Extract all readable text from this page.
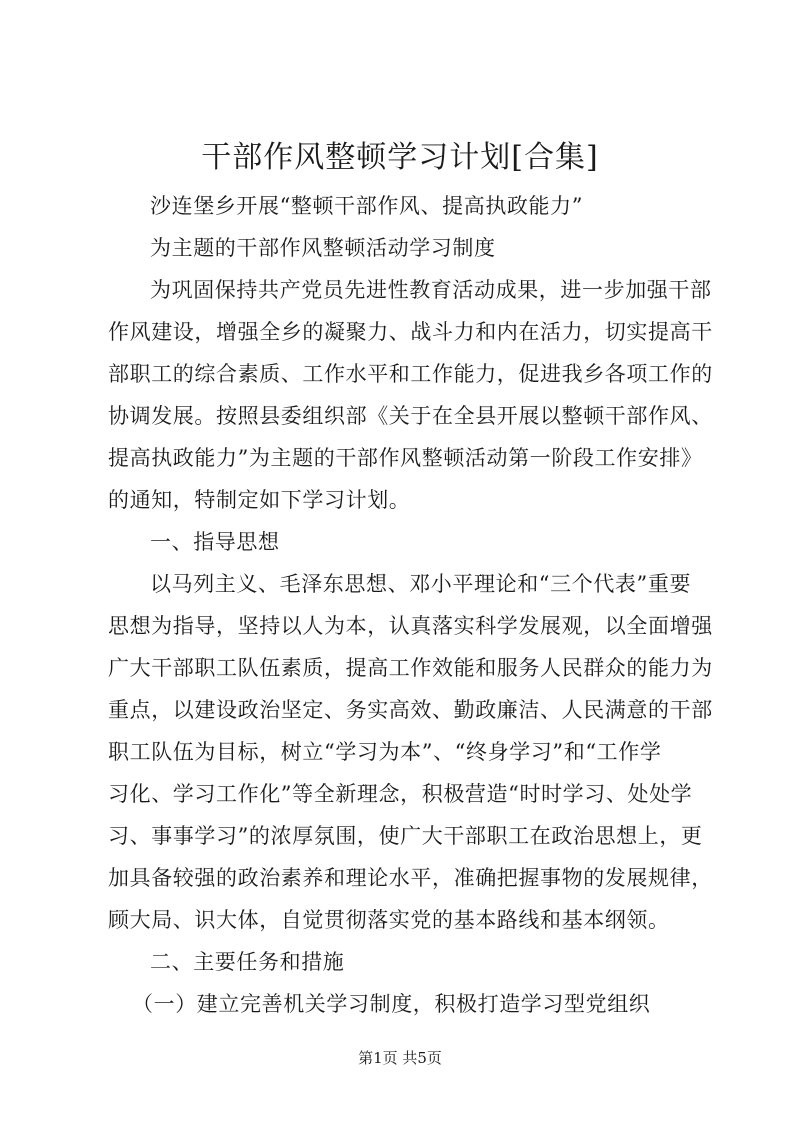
干部作风整顿学习计划[合集]
沙连堡乡开展“整顿干部作风、提高执政能力”
为主题的干部作风整顿活动学习制度
为巩固保持共产党员先进性教育活动成果，进一步加强干部
作风建设，增强全乡的凝聚力、战斗力和内在活力，切实提高干
部职工的综合素质、工作水平和工作能力，促进我乡各项工作的
协调发展。按照县委组织部《关于在全县开展以整顿干部作风、
提高执政能力”为主题的干部作风整顿活动第一阶段工作安排》
的通知，特制定如下学习计划。
一、指导思想
以马列主义、毛泽东思想、邓小平理论和“三个代表”重要
思想为指导，坚持以人为本，认真落实科学发展观，以全面增强
广大干部职工队伍素质，提高工作效能和服务人民群众的能力为
重点，以建设政治坚定、务实高效、勤政廉洁、人民满意的干部
职工队伍为目标，树立“学习为本”、“终身学习”和“工作学
习化、学习工作化”等全新理念，积极营造“时时学习、处处学
习、事事学习”的浓厚氛围，使广大干部职工在政治思想上，更
加具备较强的政治素养和理论水平，准确把握事物的发展规律，
顾大局、识大体，自觉贯彻落实党的基本路线和基本纲领。
二、主要任务和措施
（一）建立完善机关学习制度，积极打造学习型党组织
第1页 共5页
